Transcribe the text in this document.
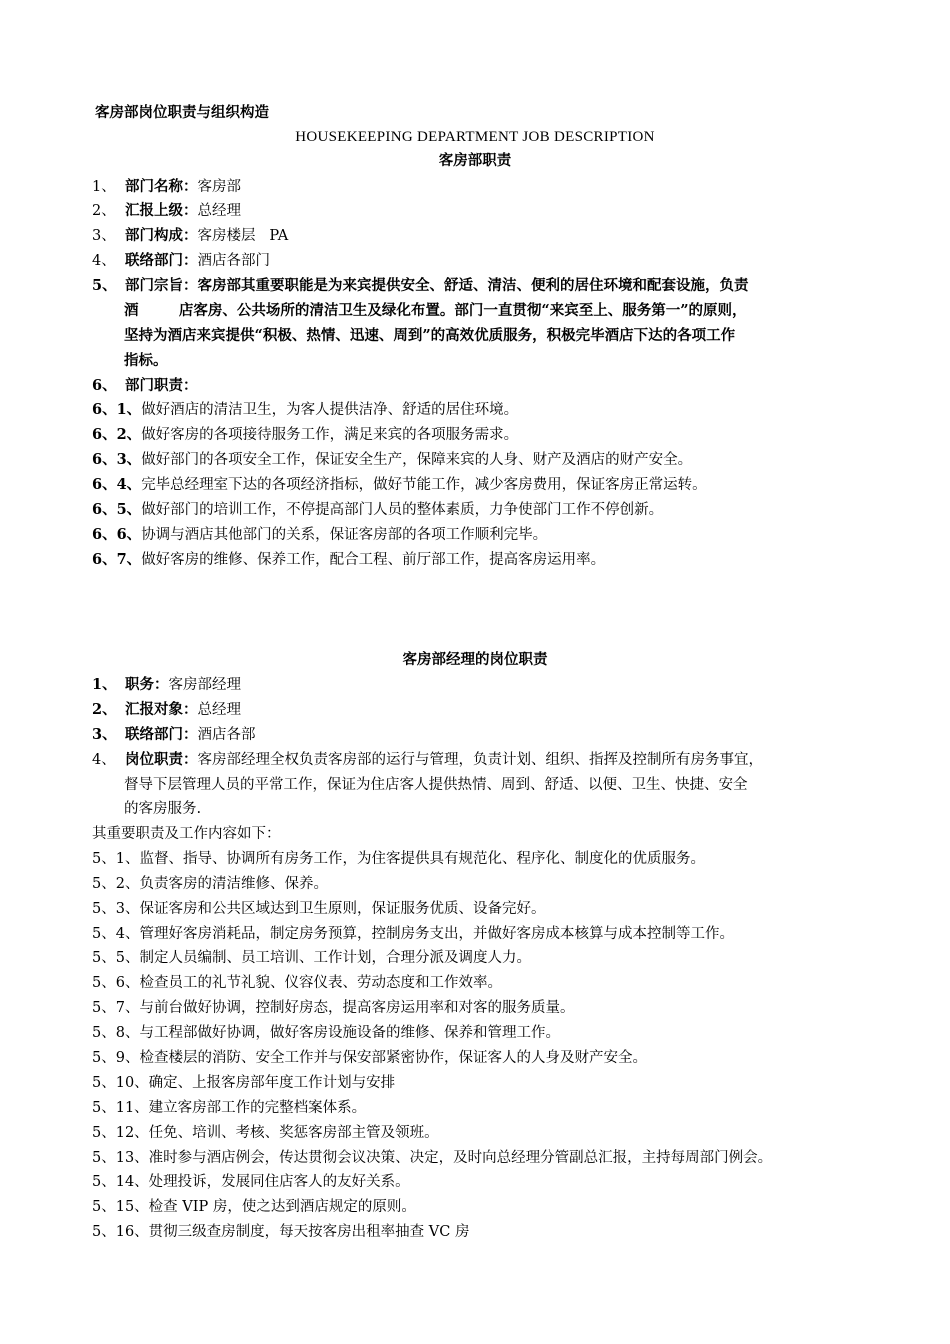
客房部岗位职责与组织构造
HOUSEKEEPING DEPARTMENT JOB DESCRIPTION
客房部职责
1、 部门名称：客房部
2、 汇报上级：总经理
3、 部门构成：客房楼层   PA
4、 联络部门：酒店各部门
5、 部门宗旨：客房部其重要职能是为来宾提供安全、舒适、清洁、便利的居住环境和配套设施，负责
酒        店客房、公共场所的清洁卫生及绿化布置。部门一直贯彻“来宾至上、服务第一”的原则，
坚持为酒店来宾提供“积极、热情、迅速、周到”的高效优质服务，积极完毕酒店下达的各项工作
指标。
6、 部门职责：
6、1、做好酒店的清洁卫生，为客人提供洁净、舒适的居住环境。
6、2、做好客房的各项接待服务工作，满足来宾的各项服务需求。
6、3、做好部门的各项安全工作，保证安全生产，保障来宾的人身、财产及酒店的财产安全。
6、4、完毕总经理室下达的各项经济指标，做好节能工作，减少客房费用，保证客房正常运转。
6、5、做好部门的培训工作，不停提高部门人员的整体素质，力争使部门工作不停创新。
6、6、协调与酒店其他部门的关系，保证客房部的各项工作顺利完毕。
6、7、做好客房的维修、保养工作，配合工程、前厅部工作，提高客房运用率。
客房部经理的岗位职责
1、 职务：客房部经理
2、 汇报对象：总经理
3、 联络部门：酒店各部
4、 岗位职责：客房部经理全权负责客房部的运行与管理，负责计划、组织、指挥及控制所有房务事宜，
督导下层管理人员的平常工作，保证为住店客人提供热情、周到、舒适、以便、卫生、快捷、安全
的客房服务.
其重要职责及工作内容如下：
5、1、监督、指导、协调所有房务工作，为住客提供具有规范化、程序化、制度化的优质服务。
5、2、负责客房的清洁维修、保养。
5、3、保证客房和公共区域达到卫生原则，保证服务优质、设备完好。
5、4、管理好客房消耗品，制定房务预算，控制房务支出，并做好客房成本核算与成本控制等工作。
5、5、制定人员编制、员工培训、工作计划，合理分派及调度人力。
5、6、检查员工的礼节礼貌、仪容仪表、劳动态度和工作效率。
5、7、与前台做好协调，控制好房态，提高客房运用率和对客的服务质量。
5、8、与工程部做好协调，做好客房设施设备的维修、保养和管理工作。
5、9、检查楼层的消防、安全工作并与保安部紧密协作，保证客人的人身及财产安全。
5、10、确定、上报客房部年度工作计划与安排
5、11、建立客房部工作的完整档案体系。
5、12、任免、培训、考核、奖惩客房部主管及领班。
5、13、准时参与酒店例会，传达贯彻会议决策、决定，及时向总经理分管副总汇报，主持每周部门例会。
5、14、处理投诉，发展同住店客人的友好关系。
5、15、检查 VIP 房，使之达到酒店规定的原则。
5、16、贯彻三级查房制度，每天按客房出租率抽查 VC 房
